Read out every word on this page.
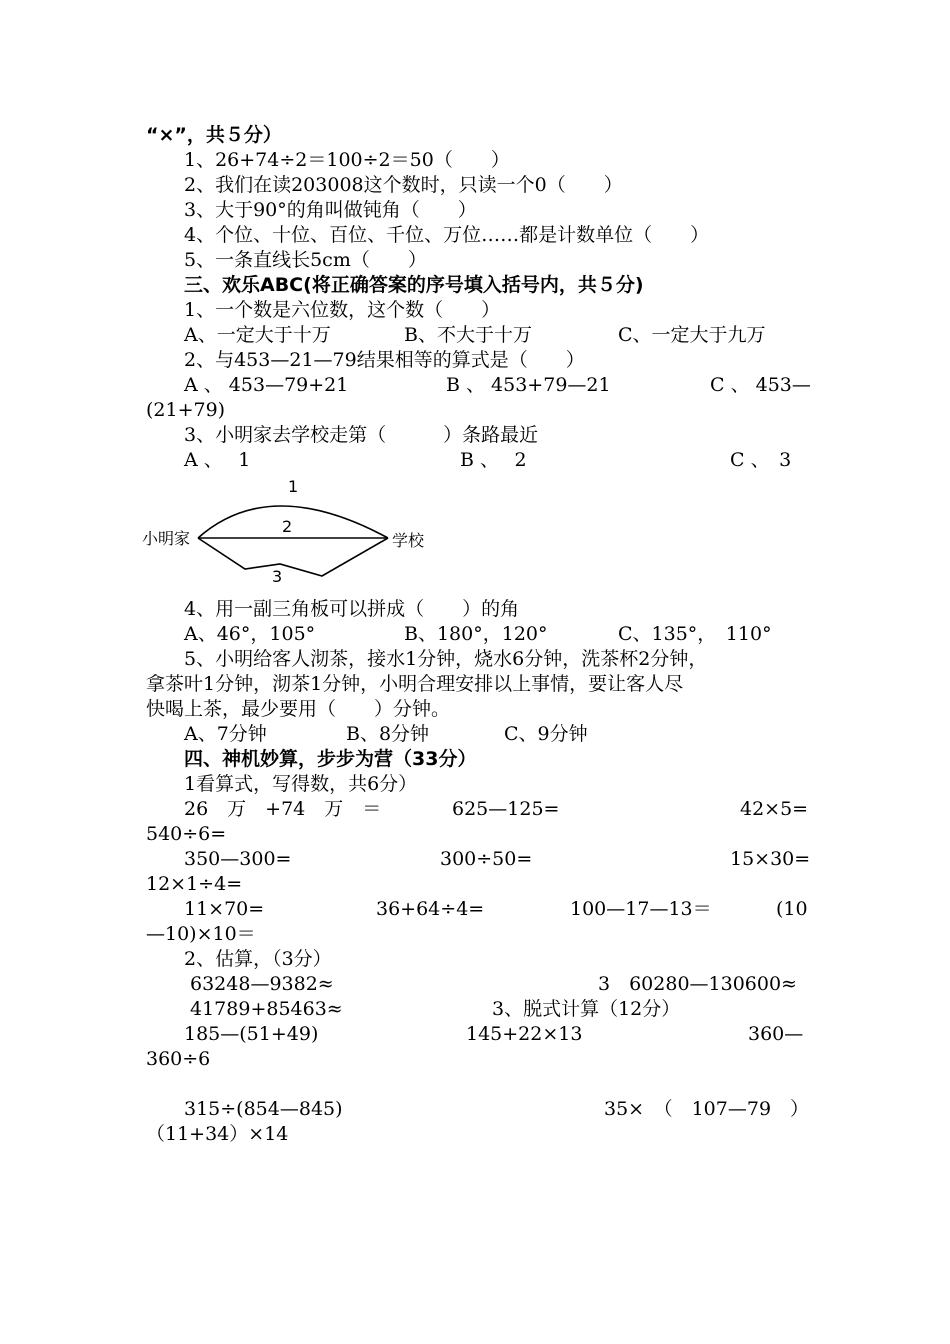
“×”，共５分）
1、26+74÷2＝100÷2＝50（　　）
2、我们在读203008这个数时，只读一个0（　　）
3、大于90°的角叫做钝角（　　）
4、个位、十位、百位、千位、万位……都是计数单位（　　）
5、一条直线长5cm（　　）
三、欢乐ABC(将正确答案的序号填入括号内，共５分)
1、一个数是六位数，这个数（　　）

A、一定大于十万

	B、不大于十万

	C、一定大于九万

2、与453—21—79结果相等的算式是（　　）

A 、 453—79+21

	B 、 453+79—21

	C 、 453—

(21+79)
3、小明家去学校走第（　　　）条路最近

A 、　 1

	B 、　 2

	C 、　3

1
2
3
小明家	学校
4、用一副三角板可以拼成（　　）的角

A、46°，105°

	B、180°，120°

	C、135°，　110°

5、小明给客人沏茶，接水1分钟，烧水6分钟，洗茶杯2分钟，
拿茶叶1分钟，沏茶1分钟，小明合理安排以上事情，要让客人尽
快喝上茶，最少要用（　　）分钟。

A、7分钟

	B、8分钟

	C、9分钟

四、神机妙算，步步为营（33分）
1看算式，写得数，共6分）

26　万　+74　万　＝

	625—125=

	42×5=

540÷6=

350—300=

	300÷50=

	15×30=

12×1÷4=

11×70=

	36+64÷4=

	100—17—13＝

	(10

—10)×10＝
2、估算，（3分）

63248—9382≈

	3　60280—130600≈

41789+85463≈

	3、脱式计算（12分）

185—(51+49)

	145+22×13

	360—

360÷6

315÷(854—845)

	35×　（　107—79　）

（11+34）×14
